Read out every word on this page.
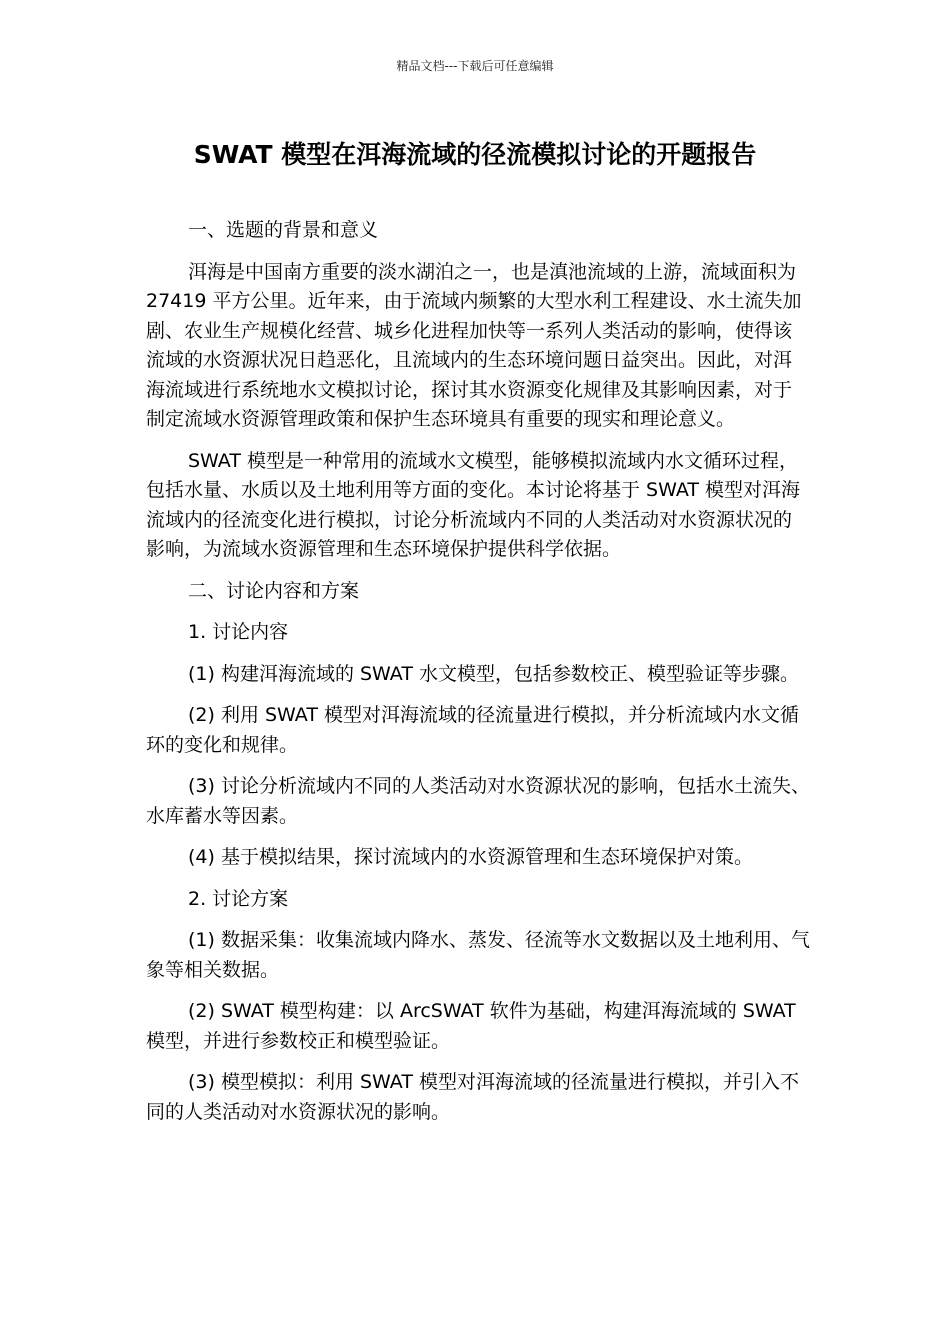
精品文档---下载后可任意编辑
SWAT 模型在洱海流域的径流模拟讨论的开题报告

一、选题的背景和意义

洱海是中国南方重要的淡水湖泊之一，也是滇池流域的上游，流域面积为 27419 平方公里。近年来，由于流域内频繁的大型水利工程建设、水土流失加剧、农业生产规模化经营、城乡化进程加快等一系列人类活动的影响，使得该流域的水资源状况日趋恶化，且流域内的生态环境问题日益突出。因此，对洱海流域进行系统地水文模拟讨论，探讨其水资源变化规律及其影响因素，对于制定流域水资源管理政策和保护生态环境具有重要的现实和理论意义。

SWAT 模型是一种常用的流域水文模型，能够模拟流域内水文循环过程，包括水量、水质以及土地利用等方面的变化。本讨论将基于 SWAT 模型对洱海流域内的径流变化进行模拟，讨论分析流域内不同的人类活动对水资源状况的影响，为流域水资源管理和生态环境保护提供科学依据。

二、讨论内容和方案

1. 讨论内容

(1) 构建洱海流域的 SWAT 水文模型，包括参数校正、模型验证等步骤。

(2) 利用 SWAT 模型对洱海流域的径流量进行模拟，并分析流域内水文循环的变化和规律。

(3) 讨论分析流域内不同的人类活动对水资源状况的影响，包括水土流失、水库蓄水等因素。

(4) 基于模拟结果，探讨流域内的水资源管理和生态环境保护对策。

2. 讨论方案

(1) 数据采集：收集流域内降水、蒸发、径流等水文数据以及土地利用、气象等相关数据。

(2) SWAT 模型构建：以 ArcSWAT 软件为基础，构建洱海流域的 SWAT 模型，并进行参数校正和模型验证。

(3) 模型模拟：利用 SWAT 模型对洱海流域的径流量进行模拟，并引入不同的人类活动对水资源状况的影响。
